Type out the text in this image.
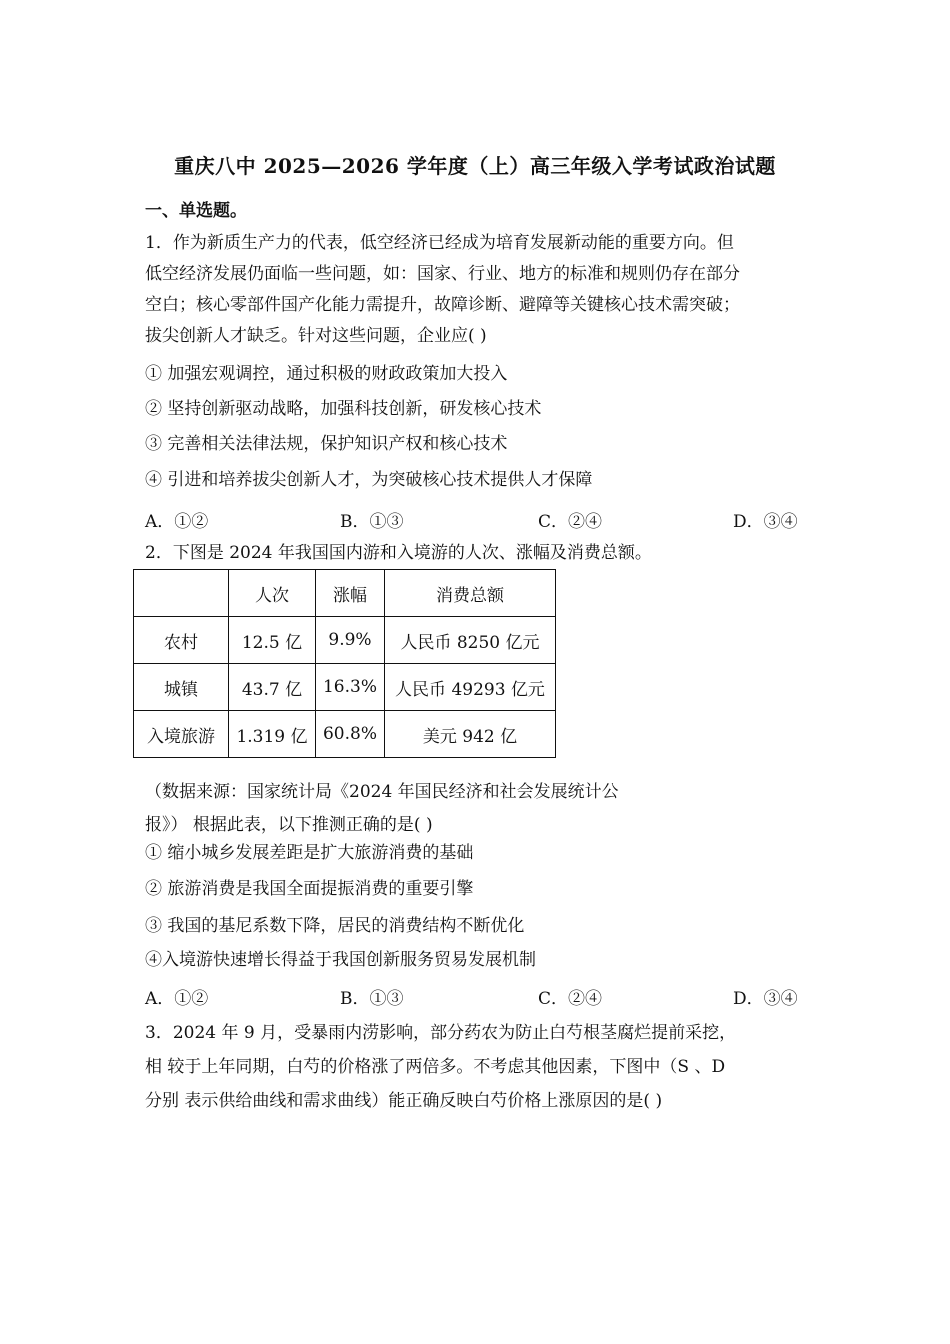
重庆八中 2025—2026 学年度（上）高三年级入学考试政治试题
一、单选题。
1．作为新质生产力的代表，低空经济已经成为培育发展新动能的重要方向。但
低空经济发展仍面临一些问题，如：国家、行业、地方的标准和规则仍存在部分
空白；核心零部件国产化能力需提升，故障诊断、避障等关键核心技术需突破；
拔尖创新人才缺乏。针对这些问题，企业应( )
① 加强宏观调控，通过积极的财政政策加大投入
② 坚持创新驱动战略，加强科技创新，研发核心技术
③ 完善相关法律法规，保护知识产权和核心技术
④ 引进和培养拔尖创新人才，为突破核心技术提供人才保障
A．①②	B．①③	C．②④	D．③④
2．下图是 2024 年我国国内游和入境游的人次、涨幅及消费总额。
	人次	涨幅	消费总额
农村	12.5 亿	9.9%	人民币 8250 亿元
城镇	43.7 亿	16.3%	人民币 49293 亿元
入境旅游	1.319 亿	60.8%	美元 942 亿
（数据来源：国家统计局《2024 年国民经济和社会发展统计公
报》） 根据此表，以下推测正确的是( )
① 缩小城乡发展差距是扩大旅游消费的基础
② 旅游消费是我国全面提振消费的重要引擎
③ 我国的基尼系数下降，居民的消费结构不断优化
④入境游快速增长得益于我国创新服务贸易发展机制
A．①②	B．①③	C．②④	D．③④
3．2024 年 9 月，受暴雨内涝影响，部分药农为防止白芍根茎腐烂提前采挖，
相 较于上年同期，白芍的价格涨了两倍多。不考虑其他因素，下图中（S 、D
分别 表示供给曲线和需求曲线）能正确反映白芍价格上涨原因的是( )
